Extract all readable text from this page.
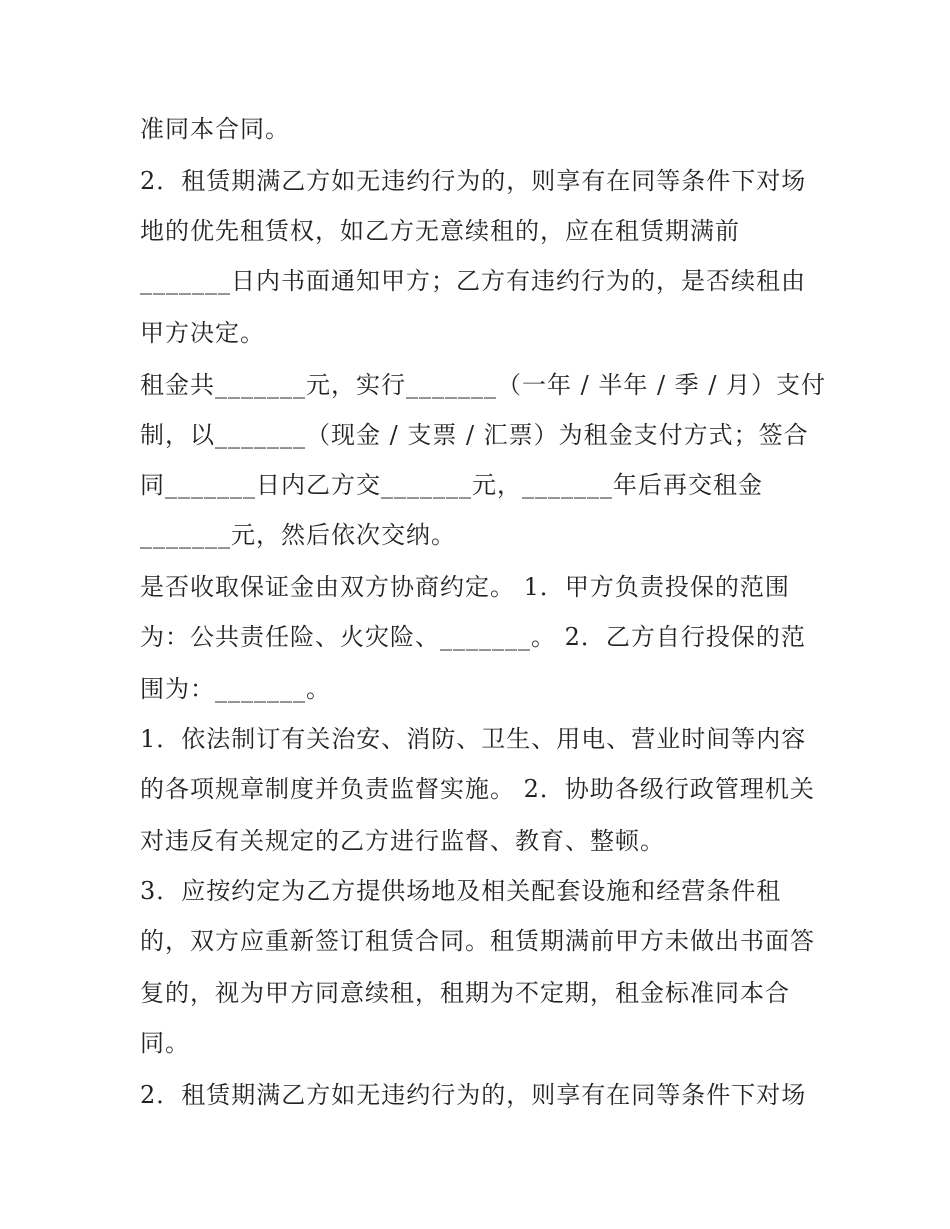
准同本合同。
2．租赁期满乙方如无违约行为的，则享有在同等条件下对场
地的优先租赁权，如乙方无意续租的，应在租赁期满前
_______日内书面通知甲方；乙方有违约行为的，是否续租由
甲方决定。
租金共_______元，实行_______（一年 / 半年 / 季 / 月）支付
制，以_______（现金 / 支票 / 汇票）为租金支付方式；签合
同_______日内乙方交_______元，_______年后再交租金
_______元，然后依次交纳。
是否收取保证金由双方协商约定。 1．甲方负责投保的范围
为：公共责任险、火灾险、_______。 2．乙方自行投保的范
围为：_______。
1．依法制订有关治安、消防、卫生、用电、营业时间等内容
的各项规章制度并负责监督实施。 2．协助各级行政管理机关
对违反有关规定的乙方进行监督、教育、整顿。
3．应按约定为乙方提供场地及相关配套设施和经营条件租
的，双方应重新签订租赁合同。租赁期满前甲方未做出书面答
复的，视为甲方同意续租，租期为不定期，租金标准同本合
同。
2．租赁期满乙方如无违约行为的，则享有在同等条件下对场
